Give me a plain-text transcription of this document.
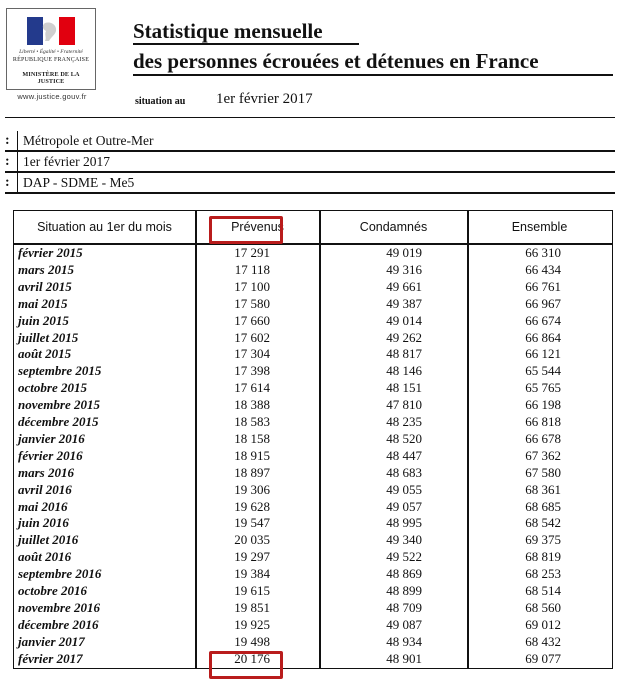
Liberté • Égalité • Fraternité
RÉPUBLIQUE FRANÇAISE
MINISTÈRE DE LA JUSTICE
www.justice.gouv.fr
Statistique mensuelle
des personnes écrouées et détenues en France
situation au 1er février 2017
: Métropole et Outre-Mer
: 1er février 2017
: DAP - SDME - Me5
Situation au 1er du mois	Prévenus	Condamnés	Ensemble
février 2015	17 291	49 019	66 310
mars 2015	17 118	49 316	66 434
avril 2015	17 100	49 661	66 761
mai 2015	17 580	49 387	66 967
juin 2015	17 660	49 014	66 674
juillet 2015	17 602	49 262	66 864
août 2015	17 304	48 817	66 121
septembre 2015	17 398	48 146	65 544
octobre 2015	17 614	48 151	65 765
novembre 2015	18 388	47 810	66 198
décembre 2015	18 583	48 235	66 818
janvier 2016	18 158	48 520	66 678
février 2016	18 915	48 447	67 362
mars 2016	18 897	48 683	67 580
avril 2016	19 306	49 055	68 361
mai 2016	19 628	49 057	68 685
juin 2016	19 547	48 995	68 542
juillet 2016	20 035	49 340	69 375
août 2016	19 297	49 522	68 819
septembre 2016	19 384	48 869	68 253
octobre 2016	19 615	48 899	68 514
novembre 2016	19 851	48 709	68 560
décembre 2016	19 925	49 087	69 012
janvier 2017	19 498	48 934	68 432
février 2017	20 176	48 901	69 077
